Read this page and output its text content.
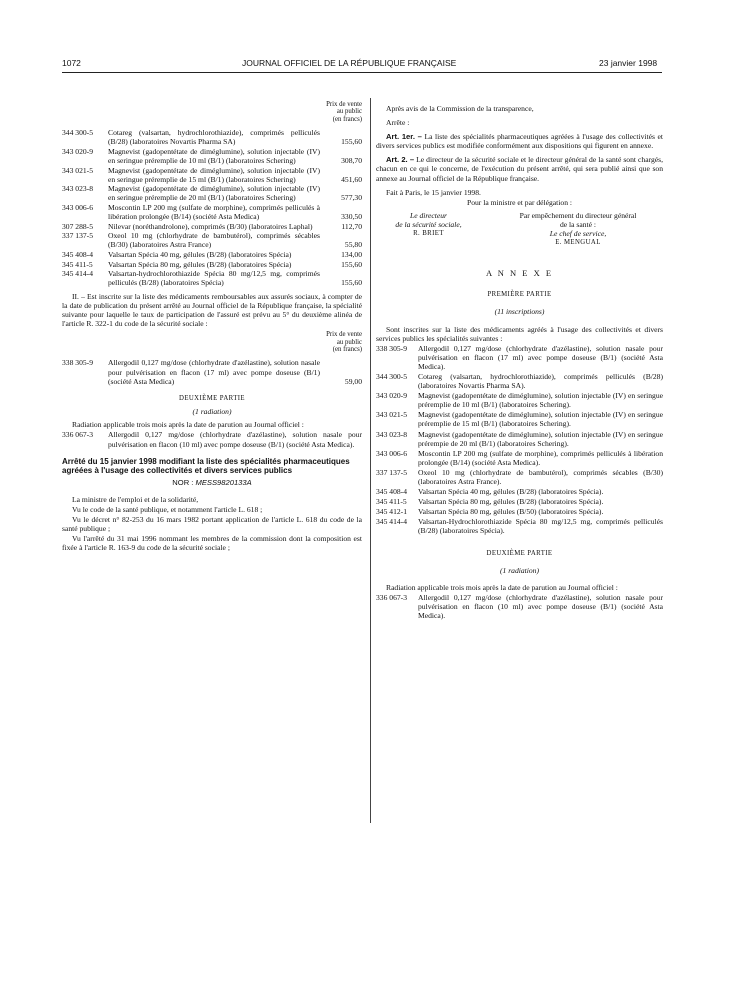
1072	JOURNAL OFFICIEL DE LA RÉPUBLIQUE FRANÇAISE	23 janvier 1998
Prix de vente
au public
(en francs)
344 300-5	Cotareg (valsartan, hydrochlorothiazide), comprimés pelliculés (B/28) (laboratoires Novartis Pharma SA)	155,60
343 020-9	Magnevist (gadopentétate de diméglumine), solution injectable (IV) en seringue préremplie de 10 ml (B/1) (laboratoires Schering)	308,70
343 021-5	Magnevist (gadopentétate de diméglumine), solution injectable (IV) en seringue préremplie de 15 ml (B/1) (laboratoires Schering)	451,60
343 023-8	Magnevist (gadopentétate de diméglumine), solution injectable (IV) en seringue préremplie de 20 ml (B/1) (laboratoires Schering)	577,30
343 006-6	Moscontin LP 200 mg (sulfate de morphine), comprimés pelliculés à libération prolongée (B/14) (société Asta Medica)	330,50
307 288-5	Nilevar (noréthandrolone), comprimés (B/30) (laboratoires Laphal)	112,70
337 137-5	Oxeol 10 mg (chlorhydrate de bambutérol), comprimés sécables (B/30) (laboratoires Astra France)	55,80
345 408-4	Valsartan Spécia 40 mg, gélules (B/28) (laboratoires Spécia)	134,00
345 411-5	Valsartan Spécia 80 mg, gélules (B/28) (laboratoires Spécia)	155,60
345 414-4	Valsartan-hydrochlorothiazide Spécia 80 mg/12,5 mg, comprimés pelliculés (B/28) (laboratoires Spécia)	155,60

II. – Est inscrite sur la liste des médicaments remboursables aux assurés sociaux, à compter de la date de publication du présent arrêté au Journal officiel de la République française, la spécialité suivante pour laquelle le taux de participation de l'assuré est prévu au 5° du deuxième alinéa de l'article R. 322-1 du code de la sécurité sociale :

Prix de vente
au public
(en francs)
338 305-9	Allergodil 0,127 mg/dose (chlorhydrate d'azélastine), solution nasale pour pulvérisation en flacon (17 ml) avec pompe doseuse (B/1) (société Asta Medica)	59,00
DEUXIÈME PARTIE
(1 radiation)

Radiation applicable trois mois après la date de parution au Journal officiel :

336 067-3	Allergodil 0,127 mg/dose (chlorhydrate d'azélastine), solution nasale pour pulvérisation en flacon (10 ml) avec pompe doseuse (B/1) (société Asta Medica).
Arrêté du 15 janvier 1998 modifiant la liste des spécialités pharmaceutiques agréées à l'usage des collectivités et divers services publics
NOR : MESS9820133A

La ministre de l'emploi et de la solidarité,

Vu le code de la santé publique, et notamment l'article L. 618 ;

Vu le décret n° 82-253 du 16 mars 1982 portant application de l'article L. 618 du code de la santé publique ;

Vu l'arrêté du 31 mai 1996 nommant les membres de la commission dont la composition est fixée à l'article R. 163-9 du code de la sécurité sociale ;

Après avis de la Commission de la transparence,

Arrête :

Art. 1er. – La liste des spécialités pharmaceutiques agréées à l'usage des collectivités et divers services publics est modifiée conformément aux dispositions qui figurent en annexe.

Art. 2. – Le directeur de la sécurité sociale et le directeur général de la santé sont chargés, chacun en ce qui le concerne, de l'exécution du présent arrêté, qui sera publié ainsi que son annexe au Journal officiel de la République française.

Fait à Paris, le 15 janvier 1998.

Pour la ministre et par délégation :
Le directeur
de la sécurité sociale,
R. BRIET
Par empêchement du directeur général
de la santé :
Le chef de service,
E. MENGUAL
A N N E X E
PREMIÈRE PARTIE
(11 inscriptions)

Sont inscrites sur la liste des médicaments agréés à l'usage des collectivités et divers services publics les spécialités suivantes :

338 305-9	Allergodil 0,127 mg/dose (chlorhydrate d'azélastine), solution nasale pour pulvérisation en flacon (17 ml) avec pompe doseuse (B/1) (société Asta Medica).
344 300-5	Cotareg (valsartan, hydrochlorothiazide), comprimés pelliculés (B/28) (laboratoires Novartis Pharma SA).
343 020-9	Magnevist (gadopentétate de diméglumine), solution injectable (IV) en seringue préremplie de 10 ml (B/1) (laboratoires Schering).
343 021-5	Magnevist (gadopentétate de diméglumine), solution injectable (IV) en seringue préremplie de 15 ml (B/1) (laboratoires Schering).
343 023-8	Magnevist (gadopentétate de diméglumine), solution injectable (IV) en seringue prérempie de 20 ml (B/1) (laboratoires Schering).
343 006-6	Moscontin LP 200 mg (sulfate de morphine), comprimés pelliculés à libération prolongée (B/14) (société Asta Medica).
337 137-5	Oxeol 10 mg (chlorhydrate de bambutérol), comprimés sécables (B/30) (laboratoires Astra France).
345 408-4	Valsartan Spécia 40 mg, gélules (B/28) (laboratoires Spécia).
345 411-5	Valsartan Spécia 80 mg, gélules (B/28) (laboratoires Spécia).
345 412-1	Valsartan Spécia 80 mg, gélules (B/50) (laboratoires Spécia).
345 414-4	Valsartan-Hydrochlorothiazide Spécia 80 mg/12,5 mg, comprimés pelliculés (B/28) (laboratoires Spécia).
DEUXIÈME PARTIE
(1 radiation)

Radiation applicable trois mois après la date de parution au Journal officiel :

336 067-3	Allergodil 0,127 mg/dose (chlorhydrate d'azélastine), solution nasale pour pulvérisation en flacon (10 ml) avec pompe doseuse (B/1) (société Asta Medica).
